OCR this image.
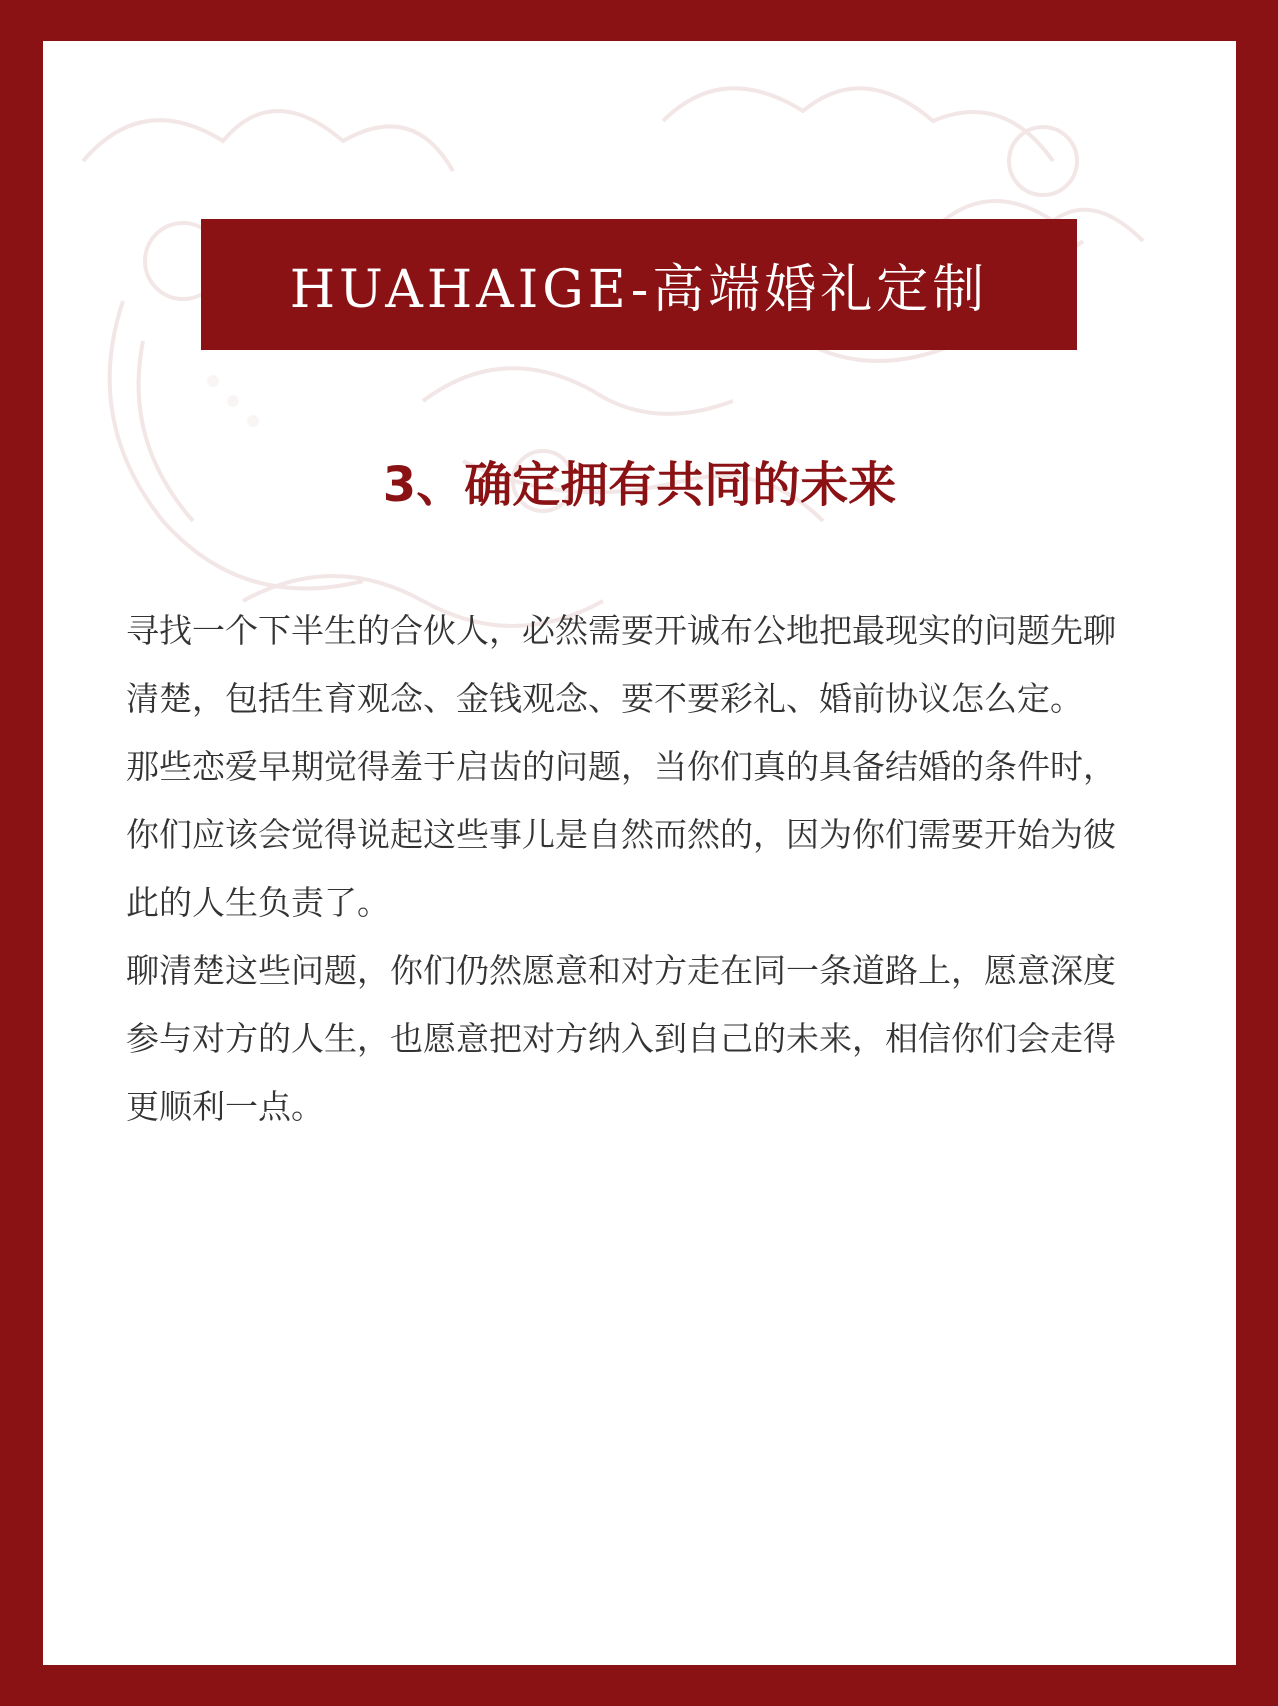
HUAHAIGE-高端婚礼定制
3、确定拥有共同的未来
寻找一个下半生的合伙人，必然需要开诚布公地把最现实的问题先聊
清楚，包括生育观念、金钱观念、要不要彩礼、婚前协议怎么定。
那些恋爱早期觉得羞于启齿的问题，当你们真的具备结婚的条件时，
你们应该会觉得说起这些事儿是自然而然的，因为你们需要开始为彼
此的人生负责了。
聊清楚这些问题，你们仍然愿意和对方走在同一条道路上，愿意深度
参与对方的人生，也愿意把对方纳入到自己的未来，相信你们会走得
更顺利一点。
